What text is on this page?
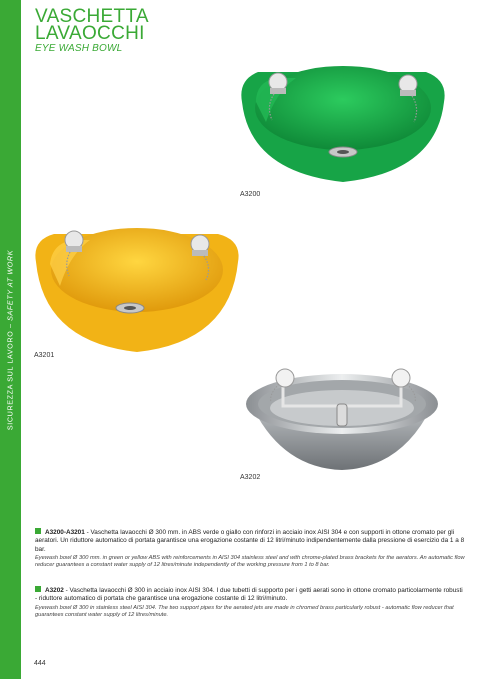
SICUREZZA SUL LAVORO – SAFETY AT WORK
VASCHETTA
LAVAOCCHI
EYE WASH BOWL
A3200
A3201
A3202
A3200-A3201 - Vaschetta lavaocchi Ø 300 mm. in ABS verde o giallo con rinforzi in acciaio inox AISI 304 e con supporti in ottone cromato per gli aeratori. Un riduttore automatico di portata garantisce una erogazione costante di 12 litri/minuto indipendentemente dalla pressione di esercizio da 1 a 8 bar.
Eyewash bowl Ø 300 mm. in green or yellow ABS with reinforcements in AISI 304 stainless steel and with chrome-plated brass brackets for the aerators. An automatic flow reducer guarantees a constant water supply of 12 litres/minute independently of the working pressure from 1 to 8 bar.
A3202 - Vaschetta lavaocchi Ø 300 in acciaio inox AISI 304. I due tubetti di supporto per i getti aerati sono in ottone cromato particolarmente robusti - riduttore automatico di portata che garantisce una erogazione costante di 12 litri/minuto.
Eyewash bowl Ø 300 in stainless steel AISI 304. The two support pipes for the aerated jets are made in chromed brass particularly robust - automatic flow reducer that guarantees constant water supply of 12 litres/minute.
444
